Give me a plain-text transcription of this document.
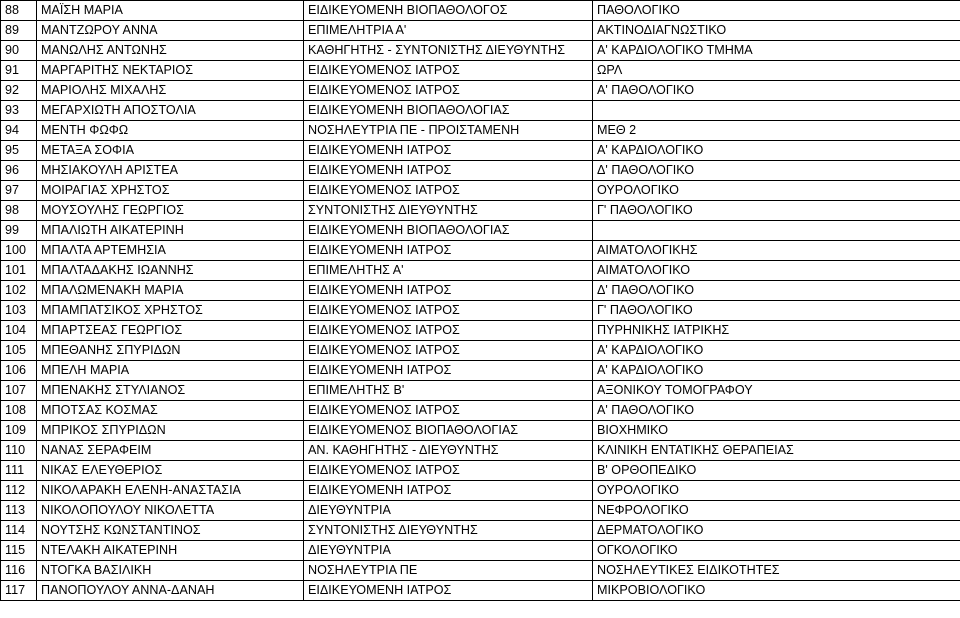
88	ΜΑΪΣΗ ΜΑΡΙΑ	ΕΙΔΙΚΕΥΟΜΕΝΗ ΒΙΟΠΑΘΟΛΟΓΟΣ	ΠΑΘΟΛΟΓΙΚΟ
89	ΜΑΝΤΖΩΡΟΥ ΑΝΝΑ	ΕΠΙΜΕΛΗΤΡΙΑ Α'	ΑΚΤΙΝΟΔΙΑΓΝΩΣΤΙΚΟ
90	ΜΑΝΩΛΗΣ ΑΝΤΩΝΗΣ	ΚΑΘΗΓΗΤΗΣ - ΣΥΝΤΟΝΙΣΤΗΣ ΔΙΕΥΘΥΝΤΗΣ	Α' ΚΑΡΔΙΟΛΟΓΙΚΟ ΤΜΗΜΑ
91	ΜΑΡΓΑΡΙΤΗΣ ΝΕΚΤΑΡΙΟΣ	ΕΙΔΙΚΕΥΟΜΕΝΟΣ ΙΑΤΡΟΣ	ΩΡΛ
92	ΜΑΡΙΟΛΗΣ ΜΙΧΑΛΗΣ	ΕΙΔΙΚΕΥΟΜΕΝΟΣ ΙΑΤΡΟΣ	Α' ΠΑΘΟΛΟΓΙΚΟ
93	ΜΕΓΑΡΧΙΩΤΗ ΑΠΟΣΤΟΛΙΑ	ΕΙΔΙΚΕΥΟΜΕΝΗ ΒΙΟΠΑΘΟΛΟΓΙΑΣ	
94	ΜΕΝΤΗ ΦΩΦΩ	ΝΟΣΗΛΕΥΤΡΙΑ ΠΕ - ΠΡΟΙΣΤΑΜΕΝΗ	ΜΕΘ 2
95	ΜΕΤΑΞΑ ΣΟΦΙΑ	ΕΙΔΙΚΕΥΟΜΕΝΗ ΙΑΤΡΟΣ	Α' ΚΑΡΔΙΟΛΟΓΙΚΟ
96	ΜΗΣΙΑΚΟΥΛΗ ΑΡΙΣΤΕΑ	ΕΙΔΙΚΕΥΟΜΕΝΗ ΙΑΤΡΟΣ	Δ' ΠΑΘΟΛΟΓΙΚΟ
97	ΜΟΙΡΑΓΙΑΣ ΧΡΗΣΤΟΣ	ΕΙΔΙΚΕΥΟΜΕΝΟΣ ΙΑΤΡΟΣ	ΟΥΡΟΛΟΓΙΚΟ
98	ΜΟΥΣΟΥΛΗΣ ΓΕΩΡΓΙΟΣ	ΣΥΝΤΟΝΙΣΤΗΣ ΔΙΕΥΘΥΝΤΗΣ	Γ' ΠΑΘΟΛΟΓΙΚΟ
99	ΜΠΑΛΙΩΤΗ ΑΙΚΑΤΕΡΙΝΗ	ΕΙΔΙΚΕΥΟΜΕΝΗ ΒΙΟΠΑΘΟΛΟΓΙΑΣ	
100	ΜΠΑΛΤΑ ΑΡΤΕΜΗΣΙΑ	ΕΙΔΙΚΕΥΟΜΕΝΗ ΙΑΤΡΟΣ	ΑΙΜΑΤΟΛΟΓΙΚΗΣ
101	ΜΠΑΛΤΑΔΑΚΗΣ ΙΩΑΝΝΗΣ	ΕΠΙΜΕΛΗΤΗΣ Α'	ΑΙΜΑΤΟΛΟΓΙΚΟ
102	ΜΠΑΛΩΜΕΝΑΚΗ ΜΑΡΙΑ	ΕΙΔΙΚΕΥΟΜΕΝΗ ΙΑΤΡΟΣ	Δ' ΠΑΘΟΛΟΓΙΚΟ
103	ΜΠΑΜΠΑΤΣΙΚΟΣ ΧΡΗΣΤΟΣ	ΕΙΔΙΚΕΥΟΜΕΝΟΣ ΙΑΤΡΟΣ	Γ' ΠΑΘΟΛΟΓΙΚΟ
104	ΜΠΑΡΤΣΕΑΣ ΓΕΩΡΓΙΟΣ	ΕΙΔΙΚΕΥΟΜΕΝΟΣ ΙΑΤΡΟΣ	ΠΥΡΗΝΙΚΗΣ ΙΑΤΡΙΚΗΣ
105	ΜΠΕΘΑΝΗΣ ΣΠΥΡΙΔΩΝ	ΕΙΔΙΚΕΥΟΜΕΝΟΣ ΙΑΤΡΟΣ	Α' ΚΑΡΔΙΟΛΟΓΙΚΟ
106	ΜΠΕΛΗ ΜΑΡΙΑ	ΕΙΔΙΚΕΥΟΜΕΝΗ ΙΑΤΡΟΣ	Α' ΚΑΡΔΙΟΛΟΓΙΚΟ
107	ΜΠΕΝΑΚΗΣ ΣΤΥΛΙΑΝΟΣ	ΕΠΙΜΕΛΗΤΗΣ Β'	ΑΞΟΝΙΚΟΥ ΤΟΜΟΓΡΑΦΟΥ
108	ΜΠΟΤΣΑΣ ΚΟΣΜΑΣ	ΕΙΔΙΚΕΥΟΜΕΝΟΣ ΙΑΤΡΟΣ	Α' ΠΑΘΟΛΟΓΙΚΟ
109	ΜΠΡΙΚΟΣ ΣΠΥΡΙΔΩΝ	ΕΙΔΙΚΕΥΟΜΕΝΟΣ ΒΙΟΠΑΘΟΛΟΓΙΑΣ	ΒΙΟΧΗΜΙΚΟ
110	ΝΑΝΑΣ ΣΕΡΑΦΕΙΜ	ΑΝ. ΚΑΘΗΓΗΤΗΣ - ΔΙΕΥΘΥΝΤΗΣ	ΚΛΙΝΙΚΗ ΕΝΤΑΤΙΚΗΣ ΘΕΡΑΠΕΙΑΣ
111	ΝΙΚΑΣ ΕΛΕΥΘΕΡΙΟΣ	ΕΙΔΙΚΕΥΟΜΕΝΟΣ ΙΑΤΡΟΣ	Β' ΟΡΘΟΠΕΔΙΚΟ
112	ΝΙΚΟΛΑΡΑΚΗ ΕΛΕΝΗ-ΑΝΑΣΤΑΣΙΑ	ΕΙΔΙΚΕΥΟΜΕΝΗ ΙΑΤΡΟΣ	ΟΥΡΟΛΟΓΙΚΟ
113	ΝΙΚΟΛΟΠΟΥΛΟΥ ΝΙΚΟΛΕΤΤΑ	ΔΙΕΥΘΥΝΤΡΙΑ	ΝΕΦΡΟΛΟΓΙΚΟ
114	ΝΟΥΤΣΗΣ ΚΩΝΣΤΑΝΤΙΝΟΣ	ΣΥΝΤΟΝΙΣΤΗΣ ΔΙΕΥΘΥΝΤΗΣ	ΔΕΡΜΑΤΟΛΟΓΙΚΟ
115	ΝΤΕΛΑΚΗ ΑΙΚΑΤΕΡΙΝΗ	ΔΙΕΥΘΥΝΤΡΙΑ	ΟΓΚΟΛΟΓΙΚΟ
116	ΝΤΟΓΚΑ ΒΑΣΙΛΙΚΗ	ΝΟΣΗΛΕΥΤΡΙΑ ΠΕ	ΝΟΣΗΛΕΥΤΙΚΕΣ ΕΙΔΙΚΟΤΗΤΕΣ
117	ΠΑΝΟΠΟΥΛΟΥ ΑΝΝΑ-ΔΑΝΑΗ	ΕΙΔΙΚΕΥΟΜΕΝΗ ΙΑΤΡΟΣ	ΜΙΚΡΟΒΙΟΛΟΓΙΚΟ
